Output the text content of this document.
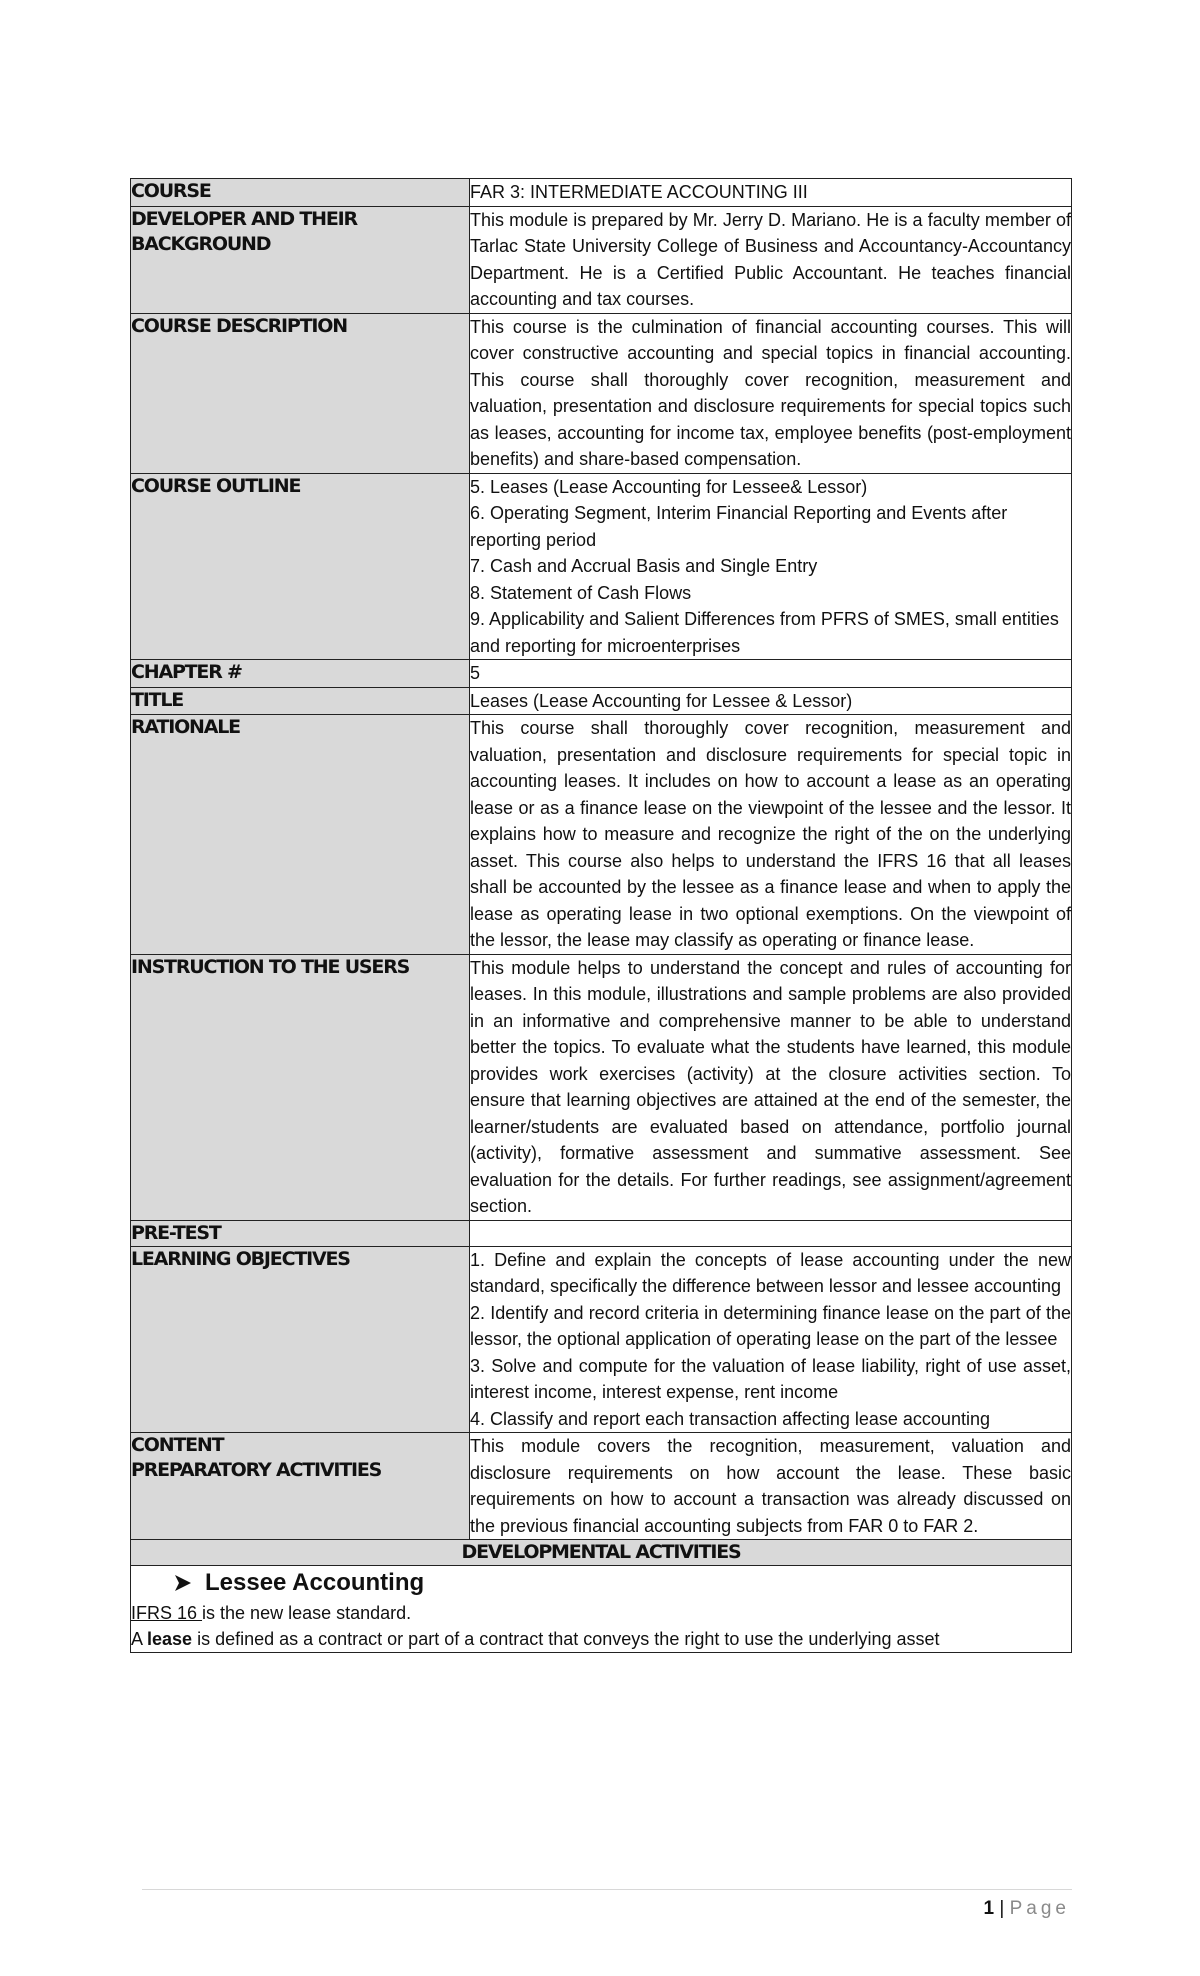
COURSE	FAR 3: INTERMEDIATE ACCOUNTING III

DEVELOPER AND THEIR
BACKGROUND	This module is prepared by Mr. Jerry D. Mariano. He is a faculty member of Tarlac State University College of Business and Accountancy-Accountancy Department. He is a Certified Public Accountant. He teaches financial accounting and tax courses.
COURSE DESCRIPTION	This course is the culmination of financial accounting courses. This will cover constructive accounting and special topics in financial accounting. This course shall thoroughly cover recognition, measurement and valuation, presentation and disclosure requirements for special topics such as leases, accounting for income tax, employee benefits (post-employment benefits) and share-based compensation.
COURSE OUTLINE	5. Leases (Lease Accounting for Lessee& Lessor)
6. Operating Segment, Interim Financial Reporting and Events after reporting period
7. Cash and Accrual Basis and Single Entry
8. Statement of Cash Flows
9. Applicability and Salient Differences from PFRS of SMES, small entities and reporting for microenterprises

CHAPTER #	5
TITLE	Leases (Lease Accounting for Lessee & Lessor)
RATIONALE	This course shall thoroughly cover recognition, measurement and valuation, presentation and disclosure requirements for special topic in accounting leases. It includes on how to account a lease as an operating lease or as a finance lease on the viewpoint of the lessee and the lessor. It explains how to measure and recognize the right of the on the underlying asset. This course also helps to understand the IFRS 16 that all leases shall be accounted by the lessee as a finance lease and when to apply the lease as operating lease in two optional exemptions. On the viewpoint of the lessor, the lease may classify as operating or finance lease.
INSTRUCTION TO THE USERS	This module helps to understand the concept and rules of accounting for leases. In this module, illustrations and sample problems are also provided in an informative and comprehensive manner to be able to understand better the topics. To evaluate what the students have learned, this module provides work exercises (activity) at the closure activities section. To ensure that learning objectives are attained at the end of the semester, the learner/students are evaluated based on attendance, portfolio journal (activity), formative assessment and summative assessment. See evaluation for the details. For further readings, see assignment/agreement section.
PRE-TEST	
LEARNING OBJECTIVES	1. Define and explain the concepts of lease accounting under the new standard, specifically the difference between lessor and lessee accounting
2. Identify and record criteria in determining finance lease on the part of the lessor, the optional application of operating lease on the part of the lessee
3. Solve and compute for the valuation of lease liability, right of use asset, interest income, interest expense, rent income
4. Classify and report each transaction affecting lease accounting

CONTENT
PREPARATORY ACTIVITIES	This module covers the recognition, measurement, valuation and disclosure requirements on how account the lease. These basic requirements on how to account a transaction was already discussed on the previous financial accounting subjects from FAR 0 to FAR 2.
DEVELOPMENTAL ACTIVITIES	

Lessee Accounting
IFRS 16 is the new lease standard.
A lease is defined as a contract or part of a contract that conveys the right to use the underlying asset	
1 | Page
